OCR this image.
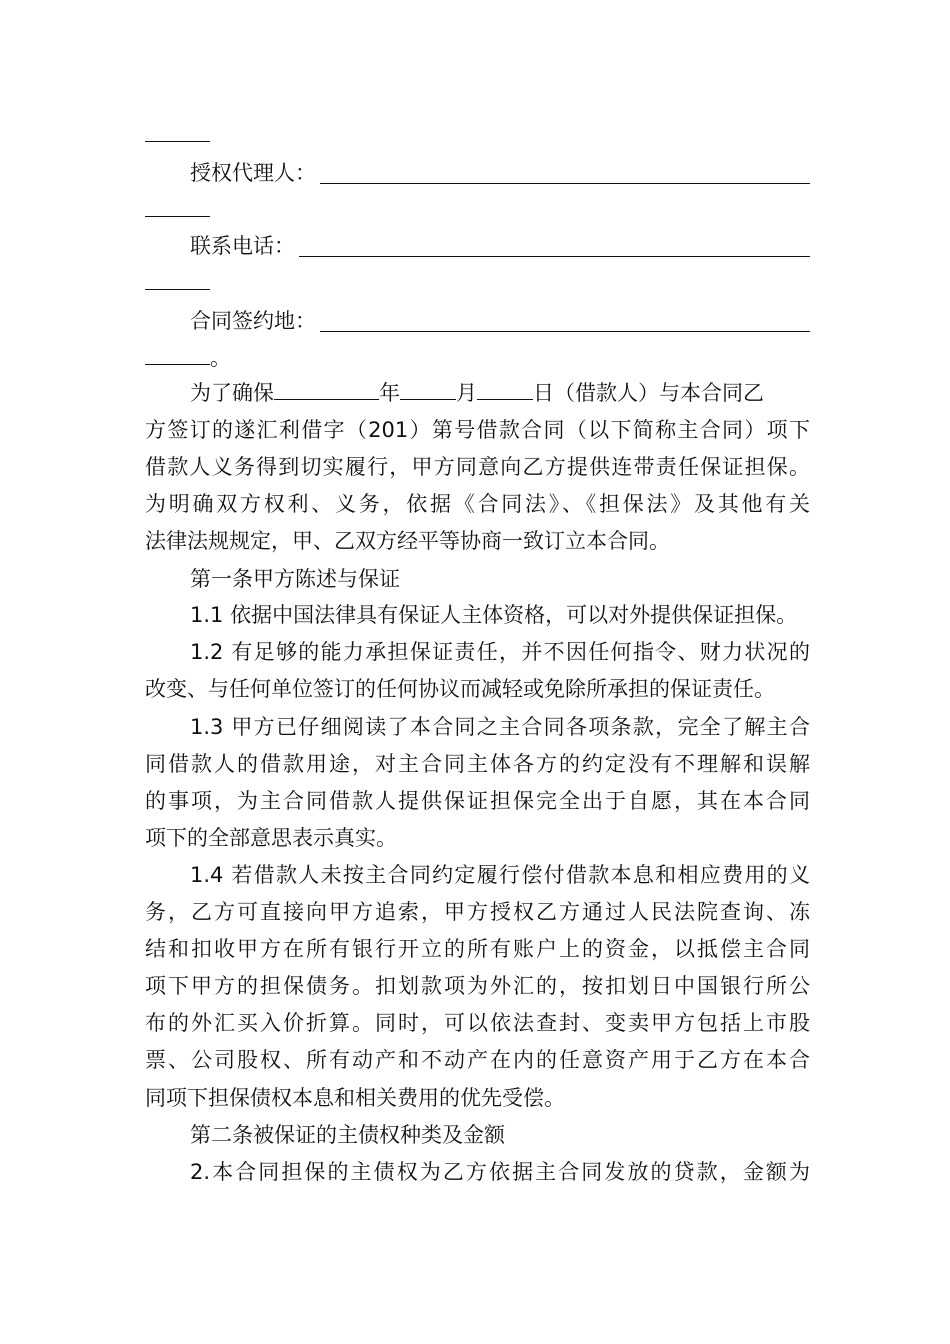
授权代理人：
联系电话：
合同签约地：
。
为了确保	年	月	日（借款人）与本合同乙
方签订的遂汇利借字（201）第号借款合同（以下简称主合同）项下
借款人义务得到切实履行，甲方同意向乙方提供连带责任保证担保。
为明确双方权利、义务，依据《合同法》、《担保法》及其他有关
法律法规规定，甲、乙双方经平等协商一致订立本合同。
第一条甲方陈述与保证
1.1 依据中国法律具有保证人主体资格，可以对外提供保证担保。
1.2 有足够的能力承担保证责任，并不因任何指令、财力状况的
改变、与任何单位签订的任何协议而减轻或免除所承担的保证责任。
1.3 甲方已仔细阅读了本合同之主合同各项条款，完全了解主合
同借款人的借款用途，对主合同主体各方的约定没有不理解和误解
的事项，为主合同借款人提供保证担保完全出于自愿，其在本合同
项下的全部意思表示真实。
1.4 若借款人未按主合同约定履行偿付借款本息和相应费用的义
务，乙方可直接向甲方追索，甲方授权乙方通过人民法院查询、冻
结和扣收甲方在所有银行开立的所有账户上的资金，以抵偿主合同
项下甲方的担保债务。扣划款项为外汇的，按扣划日中国银行所公
布的外汇买入价折算。同时，可以依法查封、变卖甲方包括上市股
票、公司股权、所有动产和不动产在内的任意资产用于乙方在本合
同项下担保债权本息和相关费用的优先受偿。
第二条被保证的主债权种类及金额
2.本合同担保的主债权为乙方依据主合同发放的贷款，金额为
